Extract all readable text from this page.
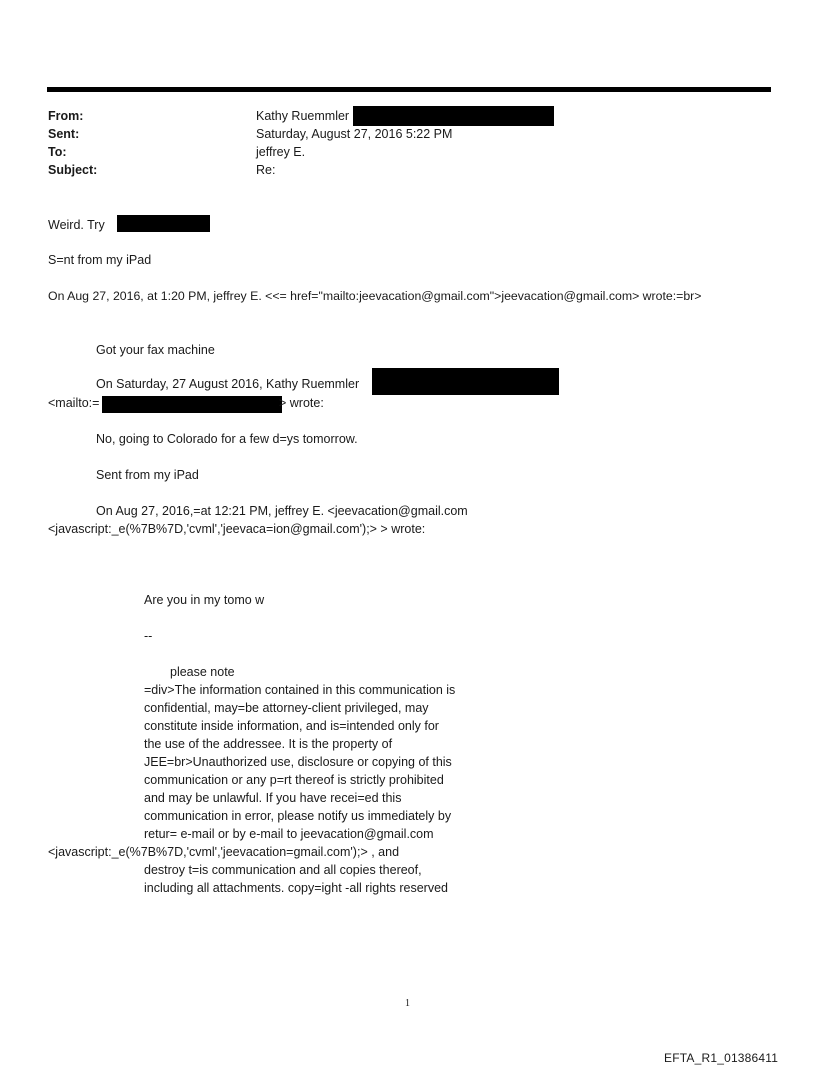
From:	Kathy Ruemmler
Sent:	Saturday, August 27, 2016 5:22 PM
To:	jeffrey E.
Subject:	Re:
Weird. Try
S=nt from my iPad
On Aug 27, 2016, at 1:20 PM, jeffrey E. <<= href="mailto:jeevacation@gmail.com">jeevacation@gmail.com> wrote:=br>
Got your fax machine
On Saturday, 27 August 2016, Kathy Ruemmler
<mailto:=	> wrote:
No, going to Colorado for a few d=ys tomorrow.
Sent from my iPad
On Aug 27, 2016,=at 12:21 PM, jeffrey E. <jeevacation@gmail.com
<javascript:_e(%7B%7D,'cvml','jeevaca=ion@gmail.com');> > wrote:
Are you in my tomo w
--
please note
=div>The information contained in this communication is
confidential, may=be attorney-client privileged, may
constitute inside information, and is=intended only for
the use of the addressee. It is the property of
JEE=br>Unauthorized use, disclosure or copying of this
communication or any p=rt thereof is strictly prohibited
and may be unlawful. If you have recei=ed this
communication in error, please notify us immediately by
retur= e-mail or by e-mail to jeevacation@gmail.com
<javascript:_e(%7B%7D,'cvml','jeevacation=gmail.com');> , and
destroy t=is communication and all copies thereof,
including all attachments. copy=ight -all rights reserved
1
EFTA_R1_01386411
